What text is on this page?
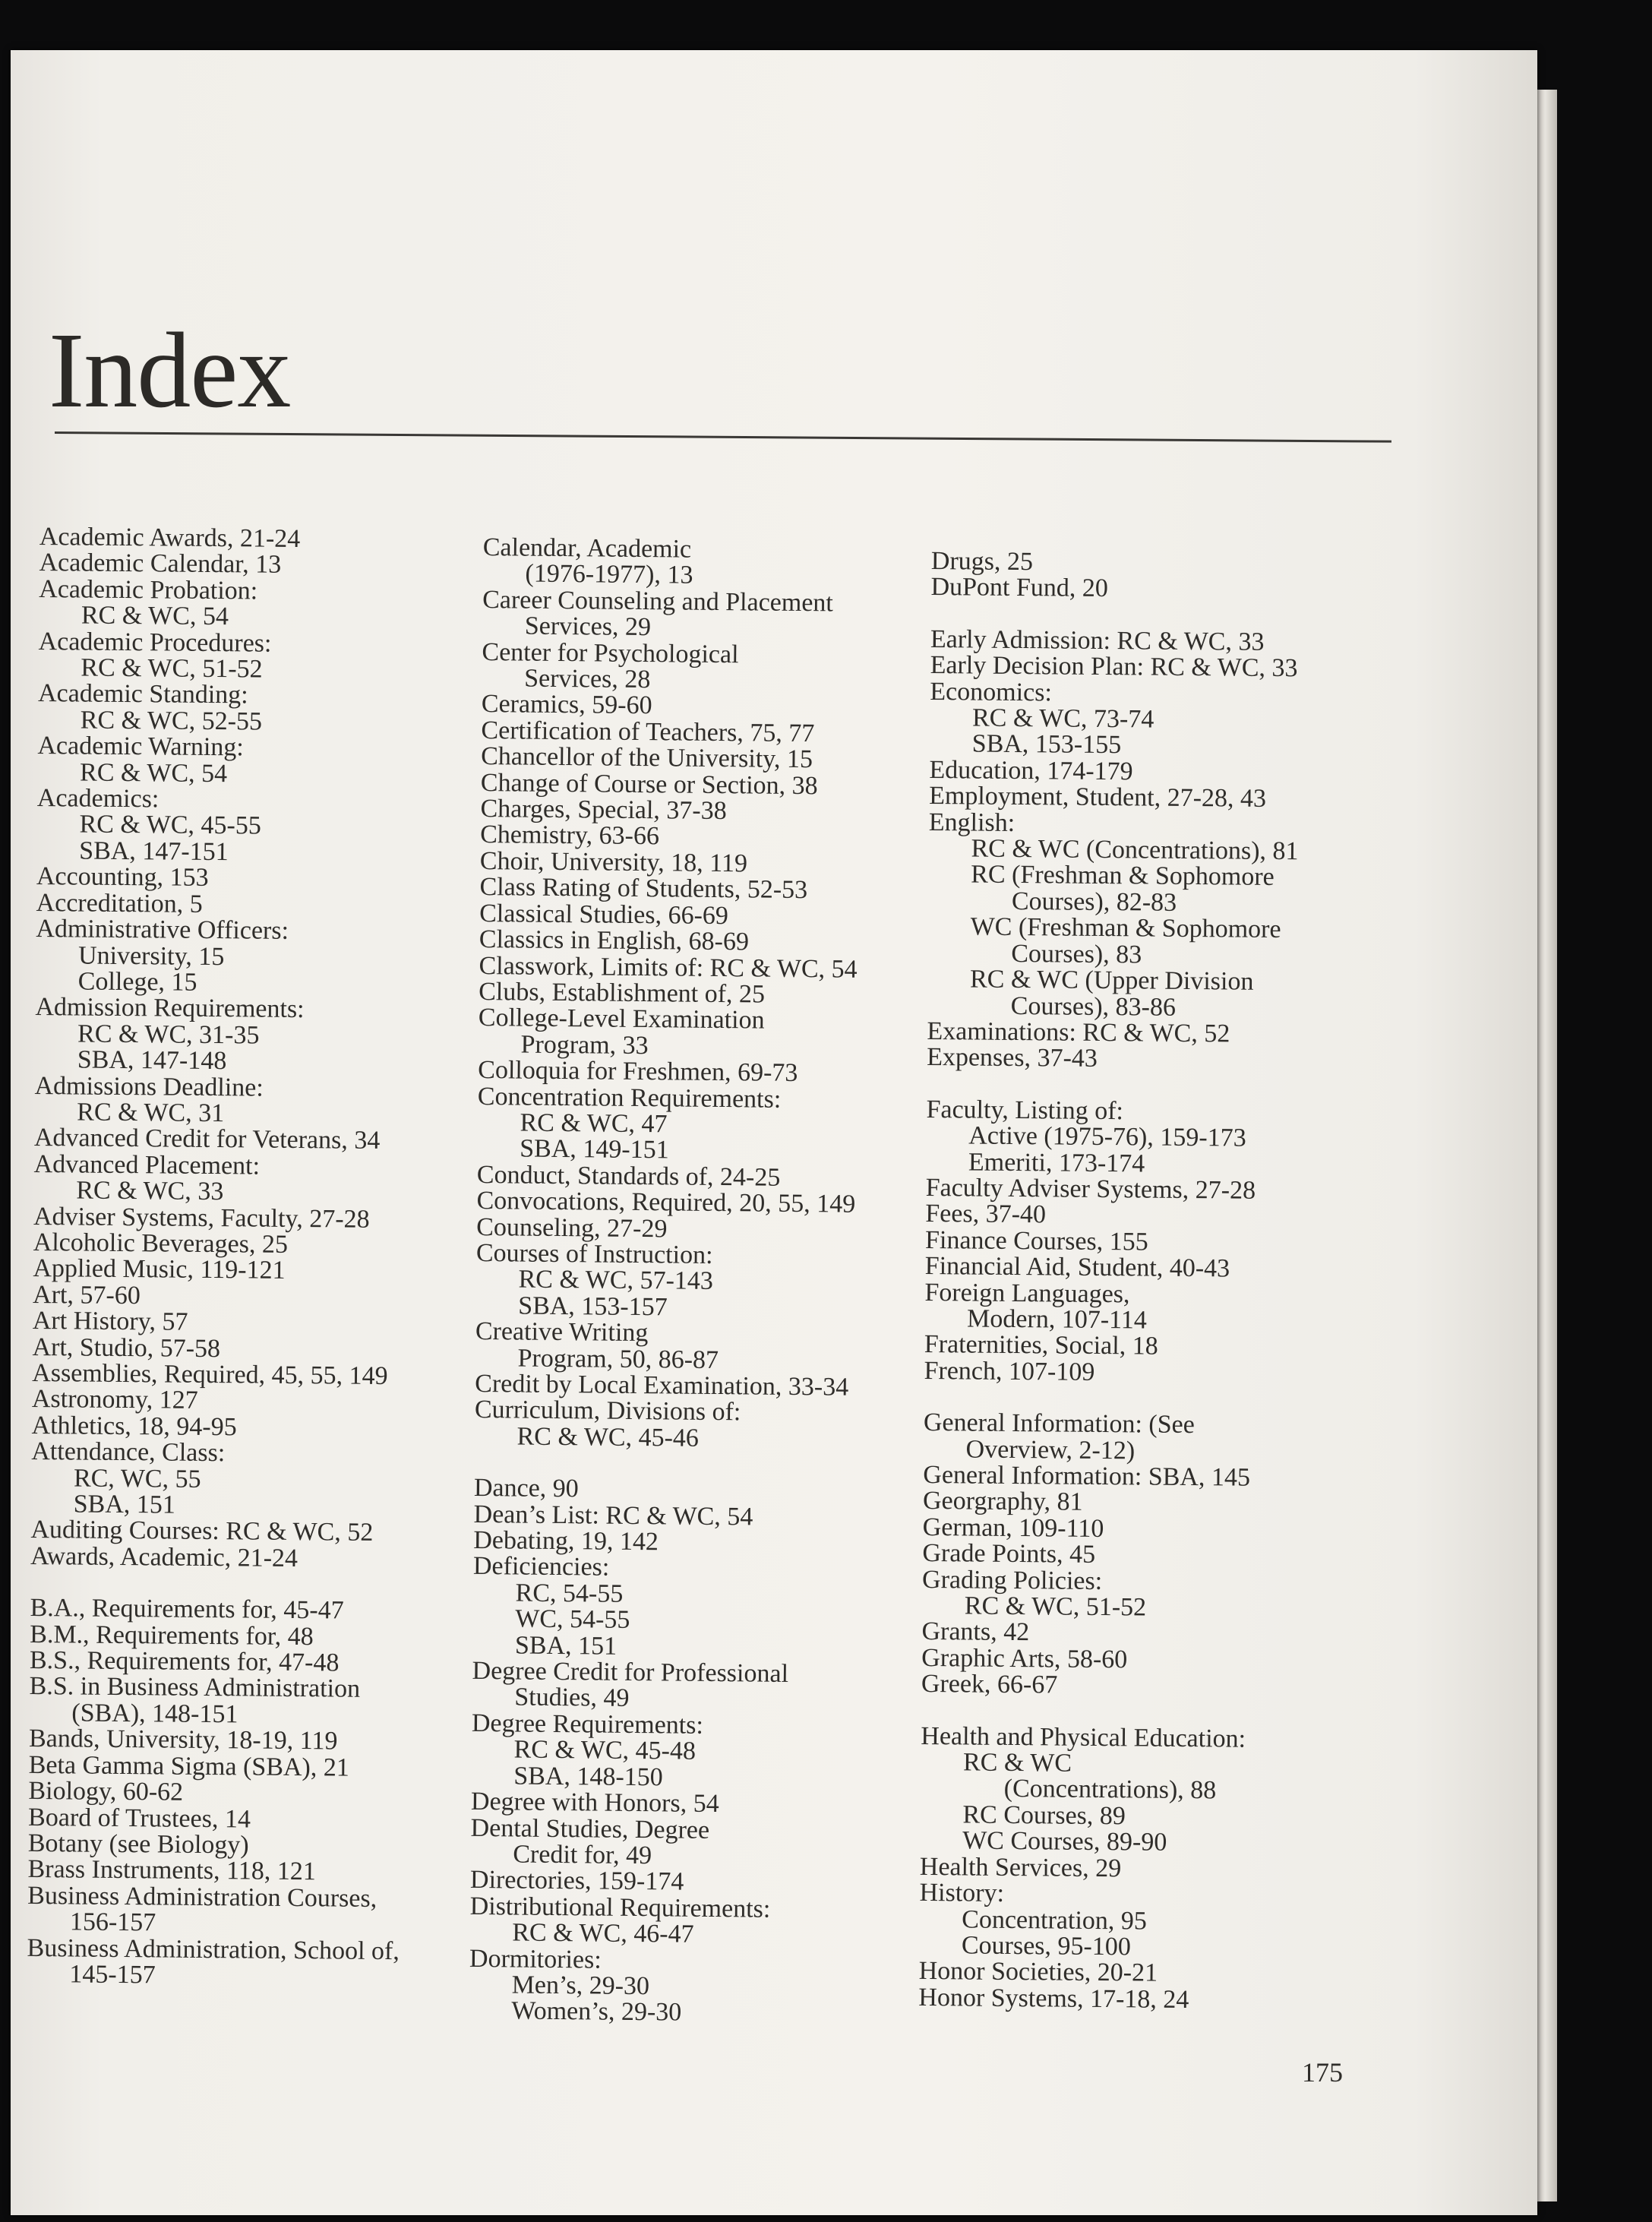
Index
Academic Awards, 21-24
Academic Calendar, 13
Academic Probation:
RC & WC, 54
Academic Procedures:
RC & WC, 51-52
Academic Standing:
RC & WC, 52-55
Academic Warning:
RC & WC, 54
Academics:
RC & WC, 45-55
SBA, 147-151
Accounting, 153
Accreditation, 5
Administrative Officers:
University, 15
College, 15
Admission Requirements:
RC & WC, 31-35
SBA, 147-148
Admissions Deadline:
RC & WC, 31
Advanced Credit for Veterans, 34
Advanced Placement:
RC & WC, 33
Adviser Systems, Faculty, 27-28
Alcoholic Beverages, 25
Applied Music, 119-121
Art, 57-60
Art History, 57
Art, Studio, 57-58
Assemblies, Required, 45, 55, 149
Astronomy, 127
Athletics, 18, 94-95
Attendance, Class:
RC, WC, 55
SBA, 151
Auditing Courses: RC & WC, 52
Awards, Academic, 21-24
B.A., Requirements for, 45-47
B.M., Requirements for, 48
B.S., Requirements for, 47-48
B.S. in Business Administration
(SBA), 148-151
Bands, University, 18-19, 119
Beta Gamma Sigma (SBA), 21
Biology, 60-62
Board of Trustees, 14
Botany (see Biology)
Brass Instruments, 118, 121
Business Administration Courses,
156-157
Business Administration, School of,
145-157
Calendar, Academic
(1976-1977), 13
Career Counseling and Placement
Services, 29
Center for Psychological
Services, 28
Ceramics, 59-60
Certification of Teachers, 75, 77
Chancellor of the University, 15
Change of Course or Section, 38
Charges, Special, 37-38
Chemistry, 63-66
Choir, University, 18, 119
Class Rating of Students, 52-53
Classical Studies, 66-69
Classics in English, 68-69
Classwork, Limits of: RC & WC, 54
Clubs, Establishment of, 25
College-Level Examination
Program, 33
Colloquia for Freshmen, 69-73
Concentration Requirements:
RC & WC, 47
SBA, 149-151
Conduct, Standards of, 24-25
Convocations, Required, 20, 55, 149
Counseling, 27-29
Courses of Instruction:
RC & WC, 57-143
SBA, 153-157
Creative Writing
Program, 50, 86-87
Credit by Local Examination, 33-34
Curriculum, Divisions of:
RC & WC, 45-46
Dance, 90
Dean’s List: RC & WC, 54
Debating, 19, 142
Deficiencies:
RC, 54-55
WC, 54-55
SBA, 151
Degree Credit for Professional
Studies, 49
Degree Requirements:
RC & WC, 45-48
SBA, 148-150
Degree with Honors, 54
Dental Studies, Degree
Credit for, 49
Directories, 159-174
Distributional Requirements:
RC & WC, 46-47
Dormitories:
Men’s, 29-30
Women’s, 29-30
Drugs, 25
DuPont Fund, 20
Early Admission: RC & WC, 33
Early Decision Plan: RC & WC, 33
Economics:
RC & WC, 73-74
SBA, 153-155
Education, 174-179
Employment, Student, 27-28, 43
English:
RC & WC (Concentrations), 81
RC (Freshman & Sophomore
Courses), 82-83
WC (Freshman & Sophomore
Courses), 83
RC & WC (Upper Division
Courses), 83-86
Examinations: RC & WC, 52
Expenses, 37-43
Faculty, Listing of:
Active (1975-76), 159-173
Emeriti, 173-174
Faculty Adviser Systems, 27-28
Fees, 37-40
Finance Courses, 155
Financial Aid, Student, 40-43
Foreign Languages,
Modern, 107-114
Fraternities, Social, 18
French, 107-109
General Information: (See
Overview, 2-12)
General Information: SBA, 145
Georgraphy, 81
German, 109-110
Grade Points, 45
Grading Policies:
RC & WC, 51-52
Grants, 42
Graphic Arts, 58-60
Greek, 66-67
Health and Physical Education:
RC & WC
(Concentrations), 88
RC Courses, 89
WC Courses, 89-90
Health Services, 29
History:
Concentration, 95
Courses, 95-100
Honor Societies, 20-21
Honor Systems, 17-18, 24
175
